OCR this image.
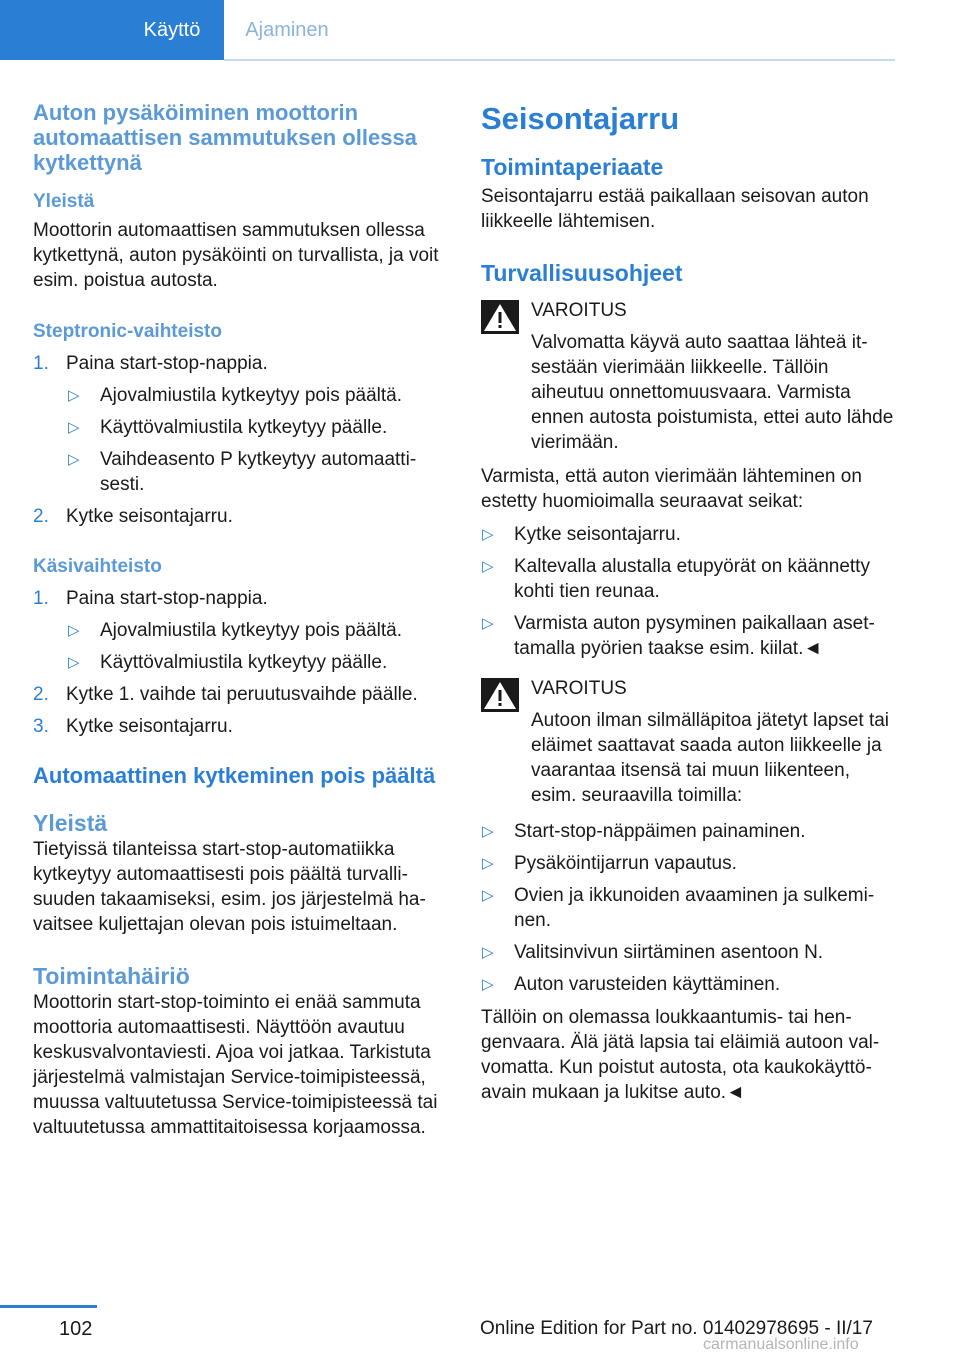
Käyttö	Ajaminen
Auton pysäköiminen moottorin automaattisen sammutuksen ollessa kytkettynä
Yleistä

Moottorin automaattisen sammutuksen ollessa kytkettynä, auton pysäköinti on turvallista, ja voit esim. poistua autosta.

Steptronic-vaihteisto
1. Paina start-stop-nappia.
▷ Ajovalmiustila kytkeytyy pois päältä.
▷ Käyttövalmiustila kytkeytyy päälle.
▷ Vaihdeasento P kytkeytyy automaattisesti.
2. Kytke seisontajarru.
Käsivaihteisto
1. Paina start-stop-nappia.
▷ Ajovalmiustila kytkeytyy pois päältä.
▷ Käyttövalmiustila kytkeytyy päälle.
2. Kytke 1. vaihde tai peruutusvaihde päälle.
3. Kytke seisontajarru.
Automaattinen kytkeminen pois päältä
Yleistä

Tietyissä tilanteissa start-stop-automatiikka kytkeytyy automaattisesti pois päältä turvallisuuden takaamiseksi, esim. jos järjestelmä havaitsee kuljettajan olevan pois istuimeltaan.

Toimintahäiriö

Moottorin start-stop-toiminto ei enää sammuta moottoria automaattisesti. Näyttöön avautuu keskusvalvontaviesti. Ajoa voi jatkaa. Tarkistuta järjestelmä valmistajan Service-toimipisteessä, muussa valtuutetussa Service-toimipisteessä tai valtuutetussa ammattitaitoisessa korjaamossa.

Seisontajarru
Toimintaperiaate

Seisontajarru estää paikallaan seisovan auton liikkeelle lähtemisen.

Turvallisuusohjeet

VAROITUS

Valvomatta käyvä auto saattaa lähteä itsestään vierimään liikkeelle. Tällöin aiheutuu onnettomuusvaara. Varmista ennen autosta poistumista, ettei auto lähde vierimään.

Varmista, että auton vierimään lähteminen on estetty huomioimalla seuraavat seikat:

▷ Kytke seisontajarru.
▷ Kaltevalla alustalla etupyörät on käännetty kohti tien reunaa.
▷ Varmista auton pysyminen paikallaan asettamalla pyörien taakse esim. kiilat.◄

VAROITUS

Autoon ilman silmälläpitoa jätetyt lapset tai eläimet saattavat saada auton liikkeelle ja vaarantaa itsensä tai muun liikenteen, esim. seuraavilla toimilla:

▷ Start-stop-näppäimen painaminen.
▷ Pysäköintijarrun vapautus.
▷ Ovien ja ikkunoiden avaaminen ja sulkeminen.
▷ Valitsinvivun siirtäminen asentoon N.
▷ Auton varusteiden käyttäminen.

Tällöin on olemassa loukkaantumis- tai hengenvaara. Älä jätä lapsia tai eläimiä autoon valvomatta. Kun poistut autosta, ota kaukokäyttöavain mukaan ja lukitse auto.◄

102	Online Edition for Part no. 01402978695 - II/17
carmanualsonline.info
